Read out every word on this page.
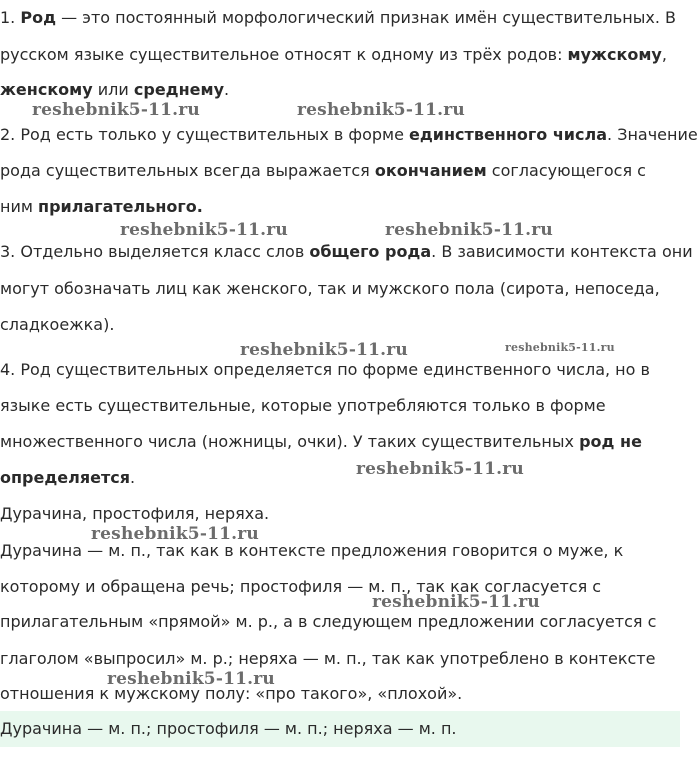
1. Род — это постоянный морфологический признак имён существительных. В
русском языке существительное относят к одному из трёх родов: мужскому,
женскому или среднему.
2. Род есть только у существительных в форме единственного числа. Значение
рода существительных всегда выражается окончанием согласующегося с
ним прилагательного.
3. Отдельно выделяется класс слов общего рода. В зависимости контекста они
могут обозначать лиц как женского, так и мужского пола (сирота, непоседа,
сладкоежка).
4. Род существительных определяется по форме единственного числа, но в
языке есть существительные, которые употребляются только в форме
множественного числа (ножницы, очки). У таких существительных род не
определяется.
Дурачина, простофиля, неряха.
Дурачина — м. п., так как в контексте предложения говорится о муже, к
которому и обращена речь; простофиля — м. п., так как согласуется с
прилагательным «прямой» м. р., а в следующем предложении согласуется с
глаголом «выпросил» м. р.; неряха — м. п., так как употреблено в контексте
отношения к мужскому полу: «про такого», «плохой».
Дурачина — м. п.; простофиля — м. п.; неряха — м. п.
reshebnik5-11.ru	reshebnik5-11.ru
reshebnik5-11.ru	reshebnik5-11.ru
reshebnik5-11.ru	reshebnik5-11.ru
reshebnik5-11.ru
reshebnik5-11.ru
reshebnik5-11.ru
reshebnik5-11.ru
